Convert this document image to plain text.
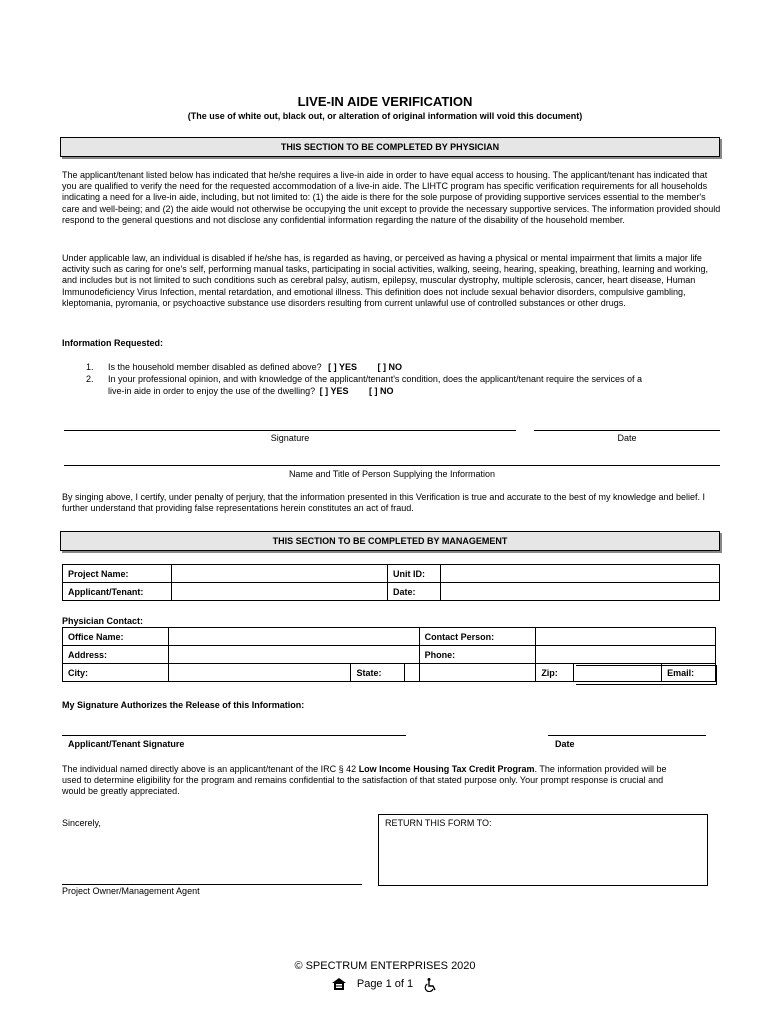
LIVE-IN AIDE VERIFICATION
(The use of white out, black out, or alteration of original information will void this document)
THIS SECTION TO BE COMPLETED BY PHYSICIAN
The applicant/tenant listed below has indicated that he/she requires a live-in aide in order to have equal access to housing. The applicant/tenant has indicated that you are qualified to verify the need for the requested accommodation of a live-in aide. The LIHTC program has specific verification requirements for all households indicating a need for a live-in aide, including, but not limited to: (1) the aide is there for the sole purpose of providing supportive services essential to the member's care and well-being; and (2) the aide would not otherwise be occupying the unit except to provide the necessary supportive services. The information provided should respond to the general questions and not disclose any confidential information regarding the nature of the disability of the household member.
Under applicable law, an individual is disabled if he/she has, is regarded as having, or perceived as having a physical or mental impairment that limits a major life activity such as caring for one's self, performing manual tasks, participating in social activities, walking, seeing, hearing, speaking, breathing, learning and working, and includes but is not limited to such conditions such as cerebral palsy, autism, epilepsy, muscular dystrophy, multiple sclerosis, cancer, heart disease, Human Immunodeficiency Virus Infection, mental retardation, and emotional illness. This definition does not include sexual behavior disorders, compulsive gambling, kleptomania, pyromania, or psychoactive substance use disorders resulting from current unlawful use of controlled substances or other drugs.
Information Requested:
1. Is the household member disabled as defined above? [ ] YES [ ] NO
2. In your professional opinion, and with knowledge of the applicant/tenant's condition, does the applicant/tenant require the services of a
live-in aide in order to enjoy the use of the dwelling? [ ] YES [ ] NO
Signature	Date
Name and Title of Person Supplying the Information
By singing above, I certify, under penalty of perjury, that the information presented in this Verification is true and accurate to the best of my knowledge and belief. I further understand that providing false representations herein constitutes an act of fraud.
THIS SECTION TO BE COMPLETED BY MANAGEMENT
Project Name:		Unit ID:	
Applicant/Tenant:		Date:	
Physician Contact:
Office Name:				Contact Person:			
Address:				Phone:			
City:		State:			Zip:		Email:
My Signature Authorizes the Release of this Information:
Applicant/Tenant Signature	Date
The individual named directly above is an applicant/tenant of the IRC § 42 Low Income Housing Tax Credit Program. The information provided will be used to determine eligibility for the program and remains confidential to the satisfaction of that stated purpose only. Your prompt response is crucial and would be greatly appreciated.
Sincerely,	RETURN THIS FORM TO:
Project Owner/Management Agent
© SPECTRUM ENTERPRISES 2020
Page 1 of 1
